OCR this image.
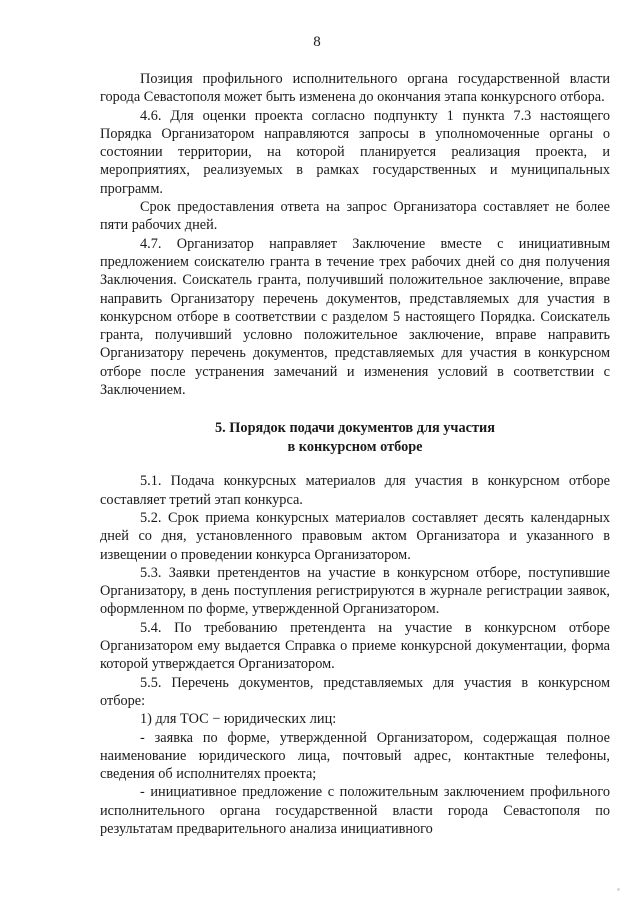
8

Позиция профильного исполнительного органа государственной власти города Севастополя может быть изменена до окончания этапа конкурсного отбора.

4.6. Для оценки проекта согласно подпункту 1 пункта 7.3 настоящего Порядка Организатором направляются запросы в уполномоченные органы о состоянии территории, на которой планируется реализация проекта, и мероприятиях, реализуемых в рамках государственных и муниципальных программ.

Срок предоставления ответа на запрос Организатора составляет не более пяти рабочих дней.

4.7. Организатор направляет Заключение вместе с инициативным предложением соискателю гранта в течение трех рабочих дней со дня получения Заключения. Соискатель гранта, получивший положительное заключение, вправе направить Организатору перечень документов, представляемых для участия в конкурсном отборе в соответствии с разделом 5 настоящего Порядка. Соискатель гранта, получивший условно положительное заключение, вправе направить Организатору перечень документов, представляемых для участия в конкурсном отборе после устранения замечаний и изменения условий в соответствии с Заключением.

5. Порядок подачи документов для участия
в конкурсном отборе

5.1. Подача конкурсных материалов для участия в конкурсном отборе составляет третий этап конкурса.

5.2. Срок приема конкурсных материалов составляет десять календарных дней со дня, установленного правовым актом Организатора и указанного в извещении о проведении конкурса Организатором.

5.3. Заявки претендентов на участие в конкурсном отборе, поступившие Организатору, в день поступления регистрируются в журнале регистрации заявок, оформленном по форме, утвержденной Организатором.

5.4. По требованию претендента на участие в конкурсном отборе Организатором ему выдается Справка о приеме конкурсной документации, форма которой утверждается Организатором.

5.5. Перечень документов, представляемых для участия в конкурсном отборе:

1) для ТОС − юридических лиц:

- заявка по форме, утвержденной Организатором, содержащая полное наименование юридического лица, почтовый адрес, контактные телефоны, сведения об исполнителях проекта;

- инициативное предложение с положительным заключением профильного исполнительного органа государственной власти города Севастополя по результатам предварительного анализа инициативного
